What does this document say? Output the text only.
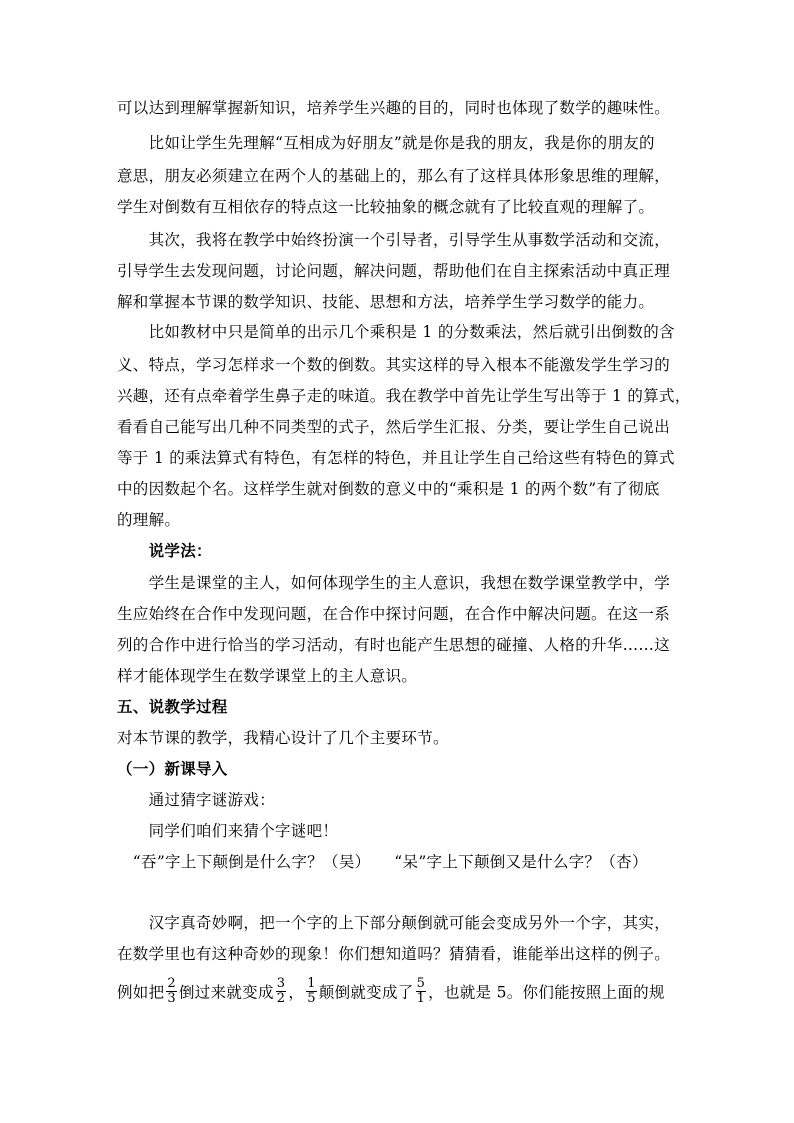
可以达到理解掌握新知识，培养学生兴趣的目的，同时也体现了数学的趣味性。
　　比如让学生先理解“互相成为好朋友”就是你是我的朋友，我是你的朋友的
意思，朋友必须建立在两个人的基础上的，那么有了这样具体形象思维的理解，
学生对倒数有互相依存的特点这一比较抽象的概念就有了比较直观的理解了。
　　其次，我将在教学中始终扮演一个引导者，引导学生从事数学活动和交流，
引导学生去发现问题，讨论问题，解决问题，帮助他们在自主探索活动中真正理
解和掌握本节课的数学知识、技能、思想和方法，培养学生学习数学的能力。
　　比如教材中只是简单的出示几个乘积是 1 的分数乘法，然后就引出倒数的含
义、特点，学习怎样求一个数的倒数。其实这样的导入根本不能激发学生学习的
兴趣，还有点牵着学生鼻子走的味道。我在教学中首先让学生写出等于 1 的算式，
看看自己能写出几种不同类型的式子，然后学生汇报、分类，要让学生自己说出
等于 1 的乘法算式有特色，有怎样的特色，并且让学生自己给这些有特色的算式
中的因数起个名。这样学生就对倒数的意义中的“乘积是 1 的两个数”有了彻底
的理解。
　　说学法：
　　学生是课堂的主人，如何体现学生的主人意识，我想在数学课堂教学中，学
生应始终在合作中发现问题，在合作中探讨问题，在合作中解决问题。在这一系
列的合作中进行恰当的学习活动，有时也能产生思想的碰撞、人格的升华……这
样才能体现学生在数学课堂上的主人意识。
五、说教学过程
对本节课的教学，我精心设计了几个主要环节。
（一）新课导入
　　通过猜字谜游戏：
　　同学们咱们来猜个字谜吧！
　“吞”字上下颠倒是什么字？（吴）　　“呆”字上下颠倒又是什么字？（杏）
　　汉字真奇妙啊，把一个字的上下部分颠倒就可能会变成另外一个字，其实，
在数学里也有这种奇妙的现象！你们想知道吗？猜猜看，谁能举出这样的例子。
例如把 $\frac{2}{3}$ 倒过来就变成 $\frac{3}{2}$ ， $\frac{1}{5}$ 颠倒就变成了 $\frac{5}{1}$ ，也就是 5。你们能按照上面的规
